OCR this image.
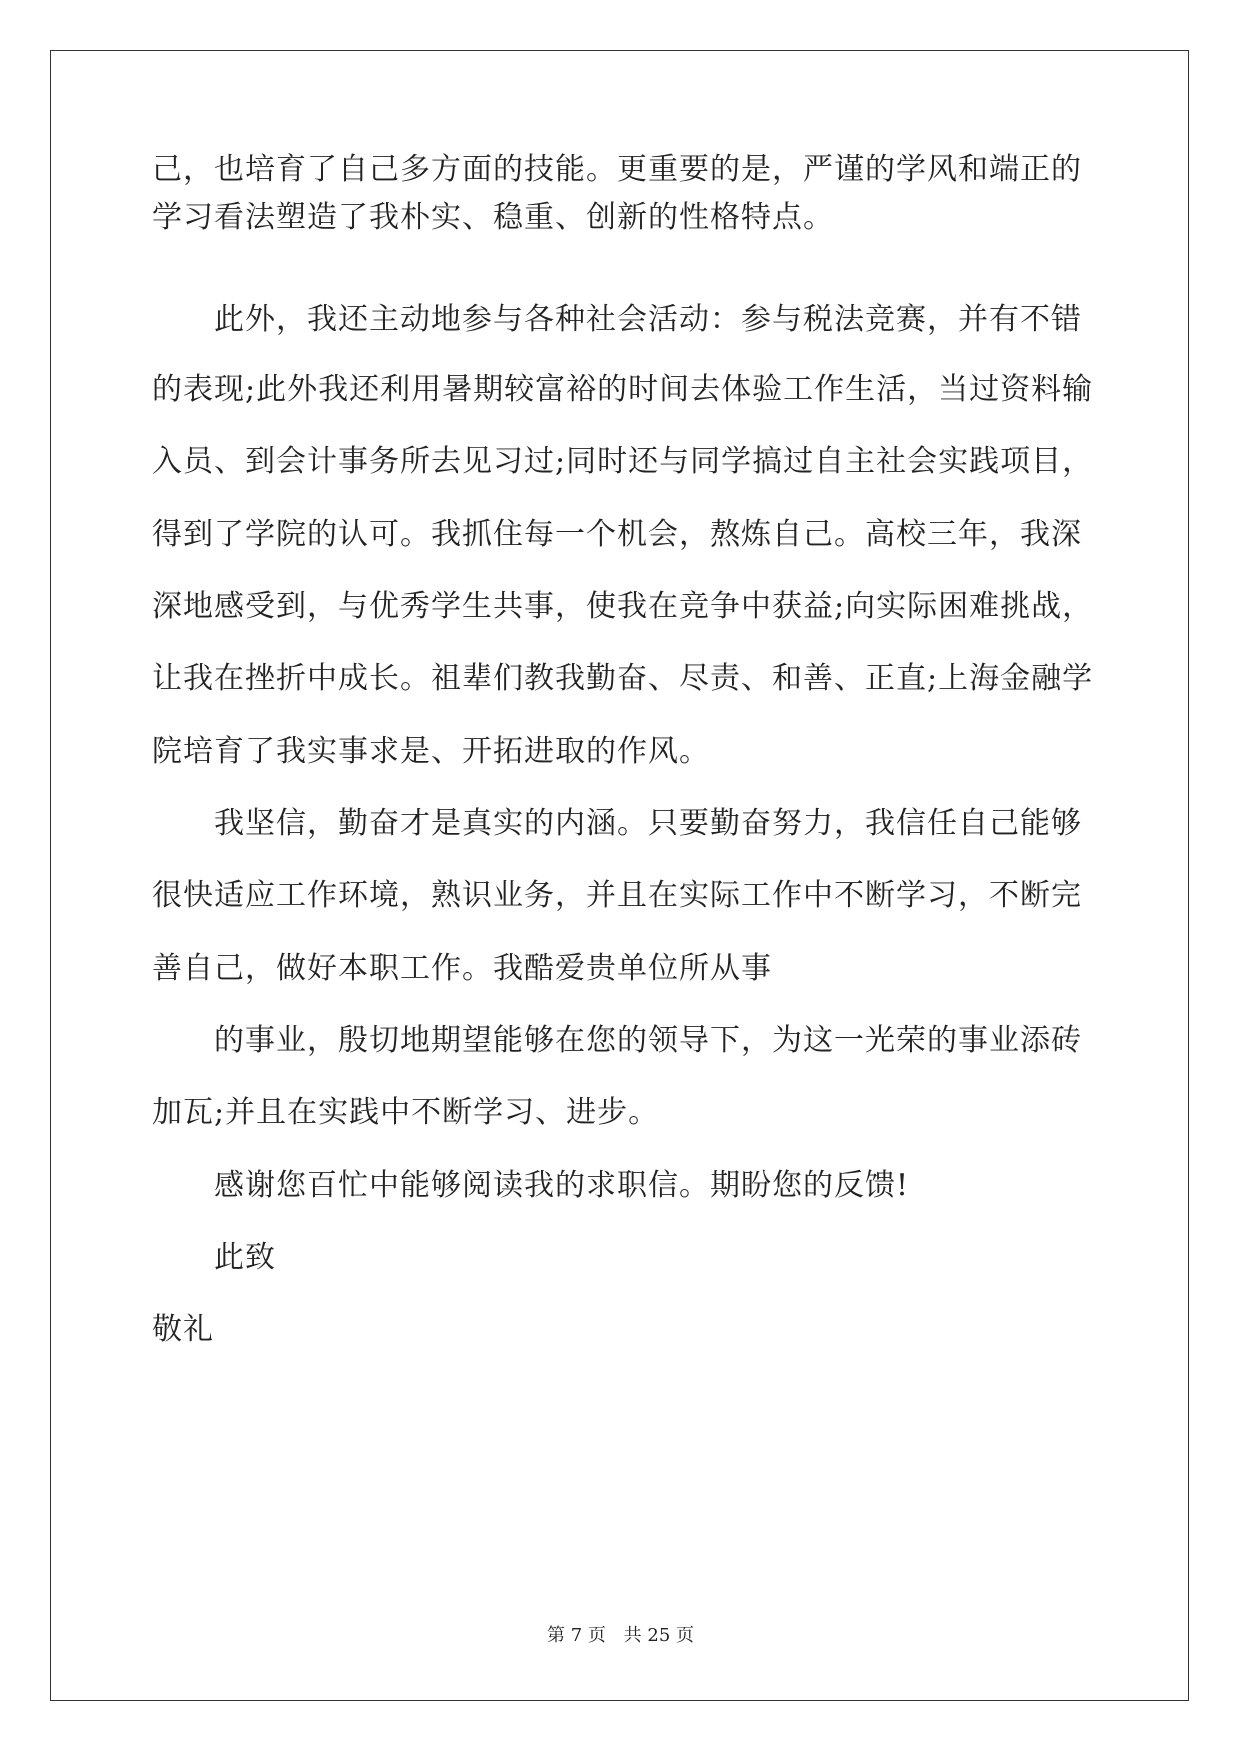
己，也培育了自己多方面的技能。更重要的是，严谨的学风和端正的
学习看法塑造了我朴实、稳重、创新的性格特点。
此外，我还主动地参与各种社会活动：参与税法竞赛，并有不错
的表现;此外我还利用暑期较富裕的时间去体验工作生活，当过资料输
入员、到会计事务所去见习过;同时还与同学搞过自主社会实践项目，
得到了学院的认可。我抓住每一个机会，熬炼自己。高校三年，我深
深地感受到，与优秀学生共事，使我在竞争中获益;向实际困难挑战，
让我在挫折中成长。祖辈们教我勤奋、尽责、和善、正直;上海金融学
院培育了我实事求是、开拓进取的作风。
我坚信，勤奋才是真实的内涵。只要勤奋努力，我信任自己能够
很快适应工作环境，熟识业务，并且在实际工作中不断学习，不断完
善自己，做好本职工作。我酷爱贵单位所从事
的事业，殷切地期望能够在您的领导下，为这一光荣的事业添砖
加瓦;并且在实践中不断学习、进步。
感谢您百忙中能够阅读我的求职信。期盼您的反馈!
此致
敬礼
第 7 页 共 25 页
